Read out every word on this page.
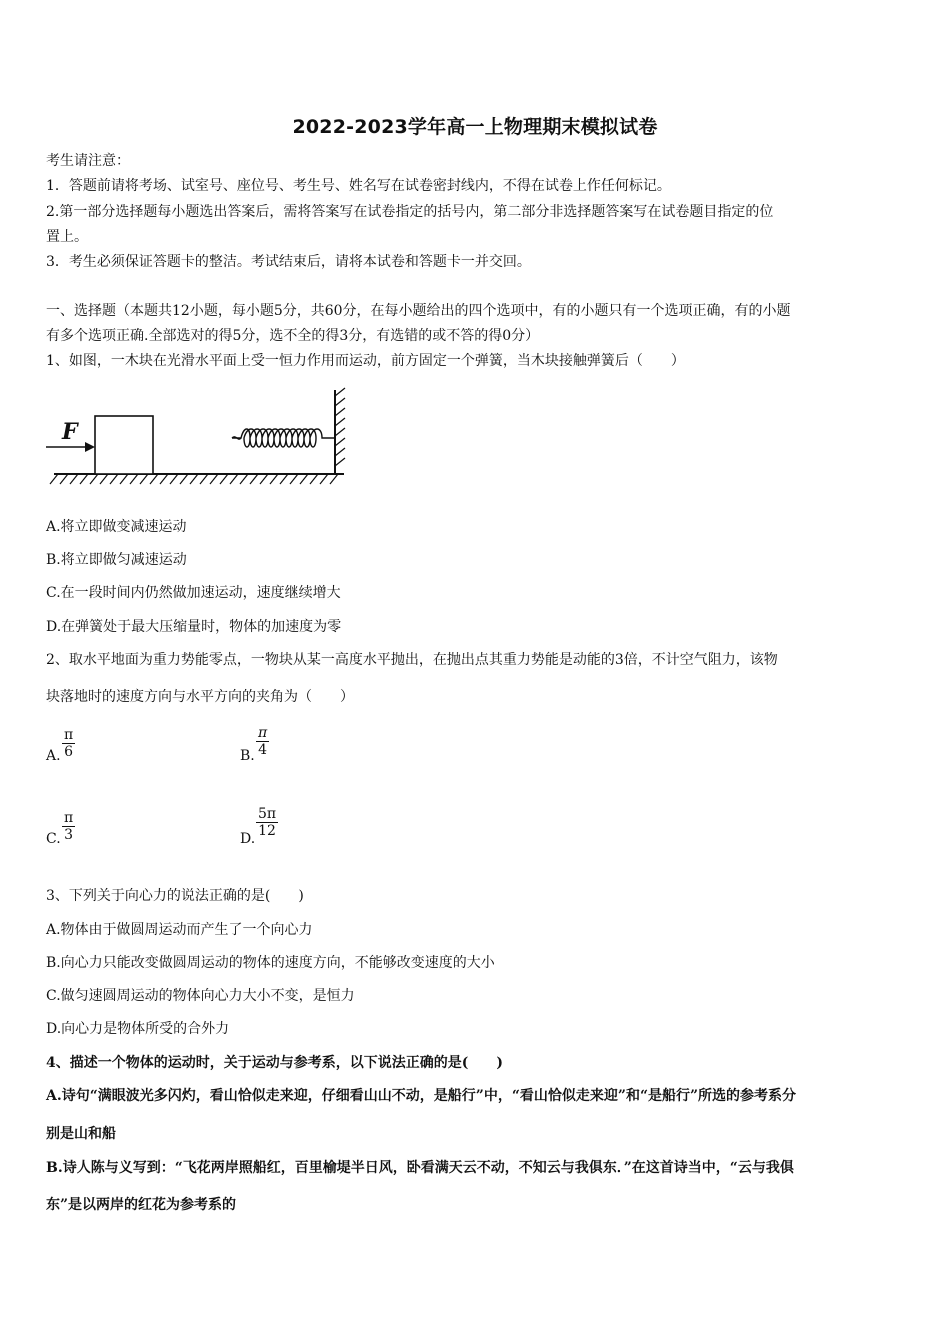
2022-2023学年高一上物理期末模拟试卷
考生请注意：
1．答题前请将考场、试室号、座位号、考生号、姓名写在试卷密封线内，不得在试卷上作任何标记。
2.第一部分选择题每小题选出答案后，需将答案写在试卷指定的括号内，第二部分非选择题答案写在试卷题目指定的位
置上。
3．考生必须保证答题卡的整洁。考试结束后，请将本试卷和答题卡一并交回。
一、选择题（本题共12小题，每小题5分，共60分，在每小题给出的四个选项中，有的小题只有一个选项正确，有的小题
有多个选项正确.全部选对的得5分，选不全的得3分，有选错的或不答的得0分）
1、如图，一木块在光滑水平面上受一恒力作用而运动，前方固定一个弹簧，当木块接触弹簧后（　　）
F
A.将立即做变减速运动
B.将立即做匀减速运动
C.在一段时间内仍然做加速运动，速度继续增大
D.在弹簧处于最大压缩量时，物体的加速度为零
2、取水平地面为重力势能零点，一物块从某一高度水平抛出，在抛出点其重力势能是动能的3倍，不计空气阻力，该物
块落地时的速度方向与水平方向的夹角为（　　）
A. $\frac{\pi}{6}$	B. $\frac{\pi}{4}$
C. $\frac{\pi}{3}$	D. $\frac{5\pi}{12}$
3、下列关于向心力的说法正确的是(　　)
A.物体由于做圆周运动而产生了一个向心力
B.向心力只能改变做圆周运动的物体的速度方向，不能够改变速度的大小
C.做匀速圆周运动的物体向心力大小不变，是恒力
D.向心力是物体所受的合外力
4、描述一个物体的运动时，关于运动与参考系，以下说法正确的是(　　)
A.诗句“满眼波光多闪灼，看山恰似走来迎，仔细看山山不动，是船行”中，“看山恰似走来迎”和“是船行”所选的参考系分
别是山和船
B.诗人陈与义写到：“飞花两岸照船红，百里榆堤半日风，卧看满天云不动，不知云与我俱东．”在这首诗当中，“云与我俱
东”是以两岸的红花为参考系的
